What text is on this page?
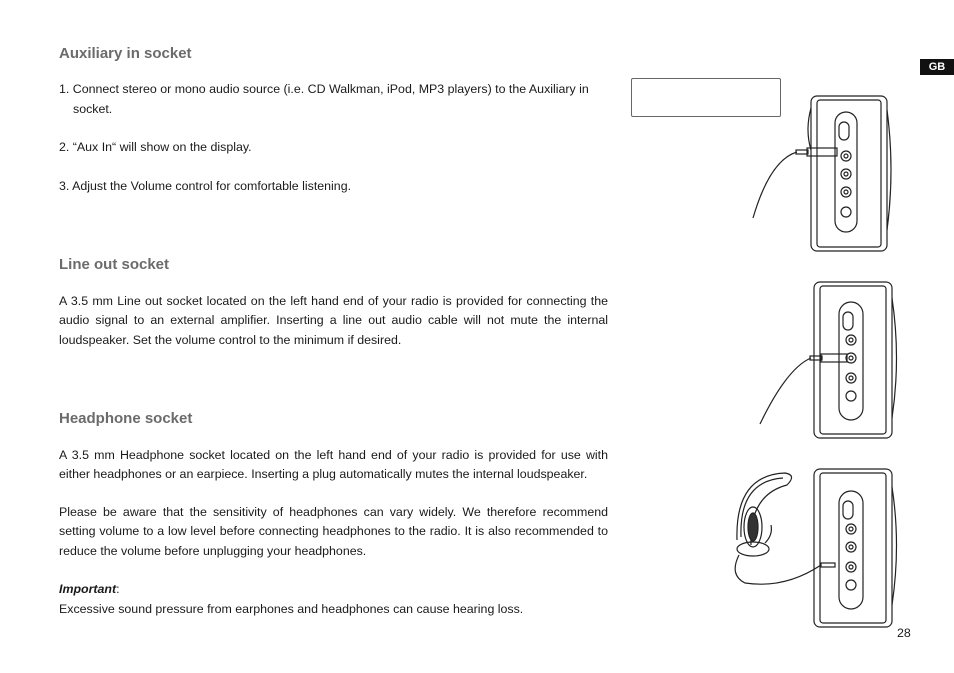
GB
Auxiliary in socket

1. Connect stereo or mono audio source (i.e. CD Walkman, iPod, MP3 players) to the Auxiliary in

socket.

2. “Aux In“ will show on the display.

3. Adjust the Volume control for comfortable listening.

Line out socket

A 3.5 mm Line out socket located on the left hand end of your radio is provided for connecting the audio signal to an external amplifier. Inserting a line out audio cable will not mute the internal loudspeaker. Set the volume control to the minimum if desired.

Headphone socket

A 3.5 mm Headphone socket located on the left hand end of your radio is provided for use with either headphones or an earpiece. Inserting a plug automatically mutes the internal loudspeaker.

Please be aware that the sensitivity of headphones can vary widely. We therefore recommend setting volume to a low level before connecting headphones to the radio. It is also recommended to reduce the volume before unplugging your headphones.

Important:

Excessive sound pressure from earphones and headphones can cause hearing loss.

28
